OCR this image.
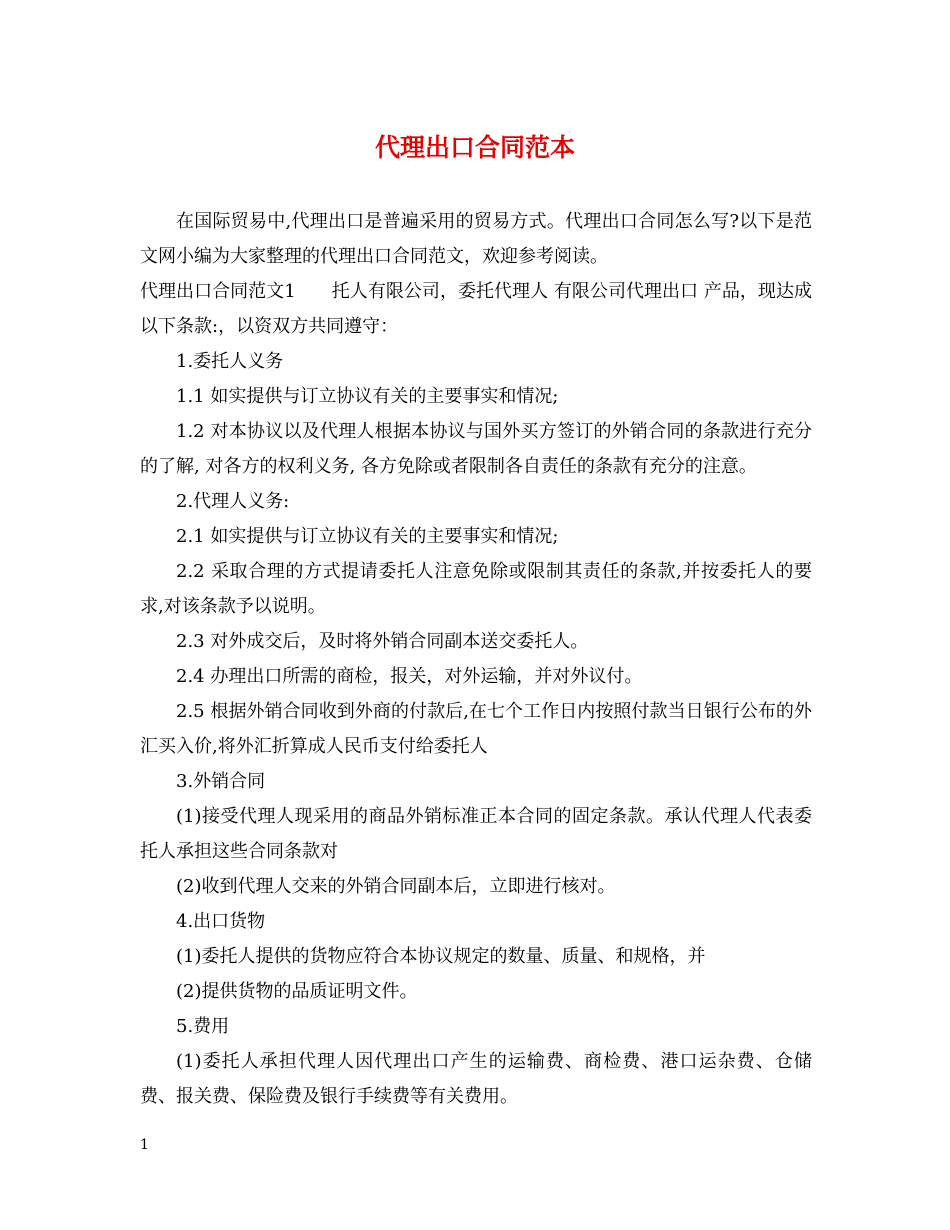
代理出口合同范本

在国际贸易中,代理出口是普遍采用的贸易方式。代理出口合同怎么写?以下是范文网小编为大家整理的代理出口合同范文，欢迎参考阅读。

代理出口合同范文1　　托人有限公司，委托代理人 有限公司代理出口 产品，现达成以下条款:，以资双方共同遵守：

1.委托人义务

1.1 如实提供与订立协议有关的主要事实和情况;

1.2 对本协议以及代理人根据本协议与国外买方签订的外销合同的条款进行充分的了解, 对各方的权利义务, 各方免除或者限制各自责任的条款有充分的注意。

2.代理人义务:

2.1 如实提供与订立协议有关的主要事实和情况;

2.2 采取合理的方式提请委托人注意免除或限制其责任的条款,并按委托人的要求,对该条款予以说明。

2.3 对外成交后，及时将外销合同副本送交委托人。

2.4 办理出口所需的商检，报关，对外运输，并对外议付。

2.5 根据外销合同收到外商的付款后,在七个工作日内按照付款当日银行公布的外汇买入价,将外汇折算成人民币支付给委托人

3.外销合同

(1)接受代理人现采用的商品外销标准正本合同的固定条款。承认代理人代表委托人承担这些合同条款对

(2)收到代理人交来的外销合同副本后，立即进行核对。

4.出口货物

(1)委托人提供的货物应符合本协议规定的数量、质量、和规格，并

(2)提供货物的品质证明文件。

5.费用

(1)委托人承担代理人因代理出口产生的运输费、商检费、港口运杂费、仓储费、报关费、保险费及银行手续费等有关费用。

1
